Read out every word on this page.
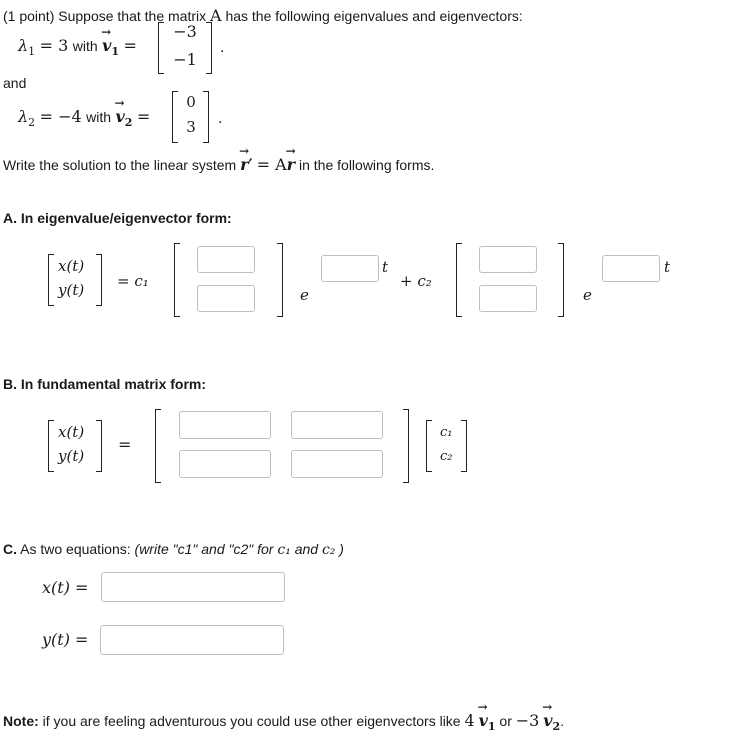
(1 point) Suppose that the matrix A has the following eigenvalues and eigenvectors:
$\lambda_1 = 3$ with → $v_1$ =
−3
−1
.
and
$\lambda_2 = -4$ with → $v_2$ =
0
3	.
Write the solution to the linear system → r′ = A→ r in the following forms.
A. In eigenvalue/eigenvector form:
x(t)
y(t) = c₁
e
t
+ c₂
e
t
B. In fundamental matrix form:
x(t)
y(t)
=
c₁
c₂
C. As two equations: (write "c1" and "c2" for c₁ and c₂ )
x(t) =
y(t) =
Note: if you are feeling adventurous you could use other eigenvectors like $4 \to v_1$ or $-3 \to v_2$.
